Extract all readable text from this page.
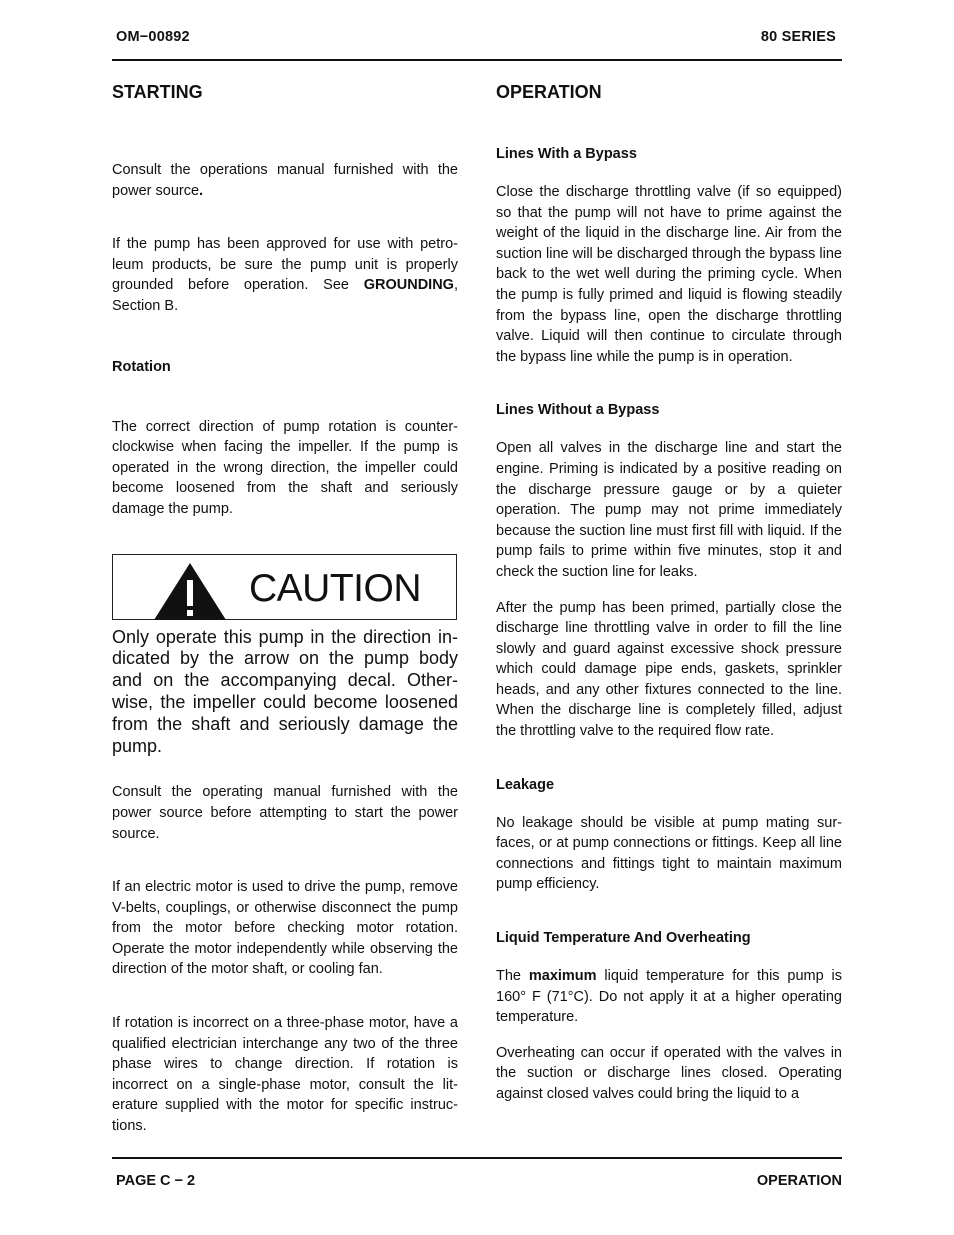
OM−00892	80 SERIES
STARTING

Consult the operations manual furnished with the power source.

If the pump has been approved for use with petroleum products, be sure the pump unit is properly grounded before operation. See GROUNDING, Section B.

Rotation

The correct direction of pump rotation is counterclockwise when facing the impeller. If the pump is operated in the wrong direction, the impeller could become loosened from the shaft and seriously damage the pump.

CAUTION

Only operate this pump in the direction indicated by the arrow on the pump body and on the accompanying decal. Otherwise, the impeller could become loosened from the shaft and seriously damage the pump.

Consult the operating manual furnished with the power source before attempting to start the power source.

If an electric motor is used to drive the pump, remove V-belts, couplings, or otherwise disconnect the pump from the motor before checking motor rotation. Operate the motor independently while observing the direction of the motor shaft, or cooling fan.

If rotation is incorrect on a three-phase motor, have a qualified electrician interchange any two of the three phase wires to change direction. If rotation is incorrect on a single-phase motor, consult the literature supplied with the motor for specific instructions.

OPERATION
Lines With a Bypass

Close the discharge throttling valve (if so equipped) so that the pump will not have to prime against the weight of the liquid in the discharge line. Air from the suction line will be discharged through the bypass line back to the wet well during the priming cycle. When the pump is fully primed and liquid is flowing steadily from the bypass line, open the discharge throttling valve. Liquid will then continue to circulate through the bypass line while the pump is in operation.

Lines Without a Bypass

Open all valves in the discharge line and start the engine. Priming is indicated by a positive reading on the discharge pressure gauge or by a quieter operation. The pump may not prime immediately because the suction line must first fill with liquid. If the pump fails to prime within five minutes, stop it and check the suction line for leaks.

After the pump has been primed, partially close the discharge line throttling valve in order to fill the line slowly and guard against excessive shock pressure which could damage pipe ends, gaskets, sprinkler heads, and any other fixtures connected to the line. When the discharge line is completely filled, adjust the throttling valve to the required flow rate.

Leakage

No leakage should be visible at pump mating surfaces, or at pump connections or fittings. Keep all line connections and fittings tight to maintain maximum pump efficiency.

Liquid Temperature And Overheating

The maximum liquid temperature for this pump is 160° F (71°C). Do not apply it at a higher operating temperature.

Overheating can occur if operated with the valves in the suction or discharge lines closed. Operating against closed valves could bring the liquid to a

PAGE C − 2	OPERATION
